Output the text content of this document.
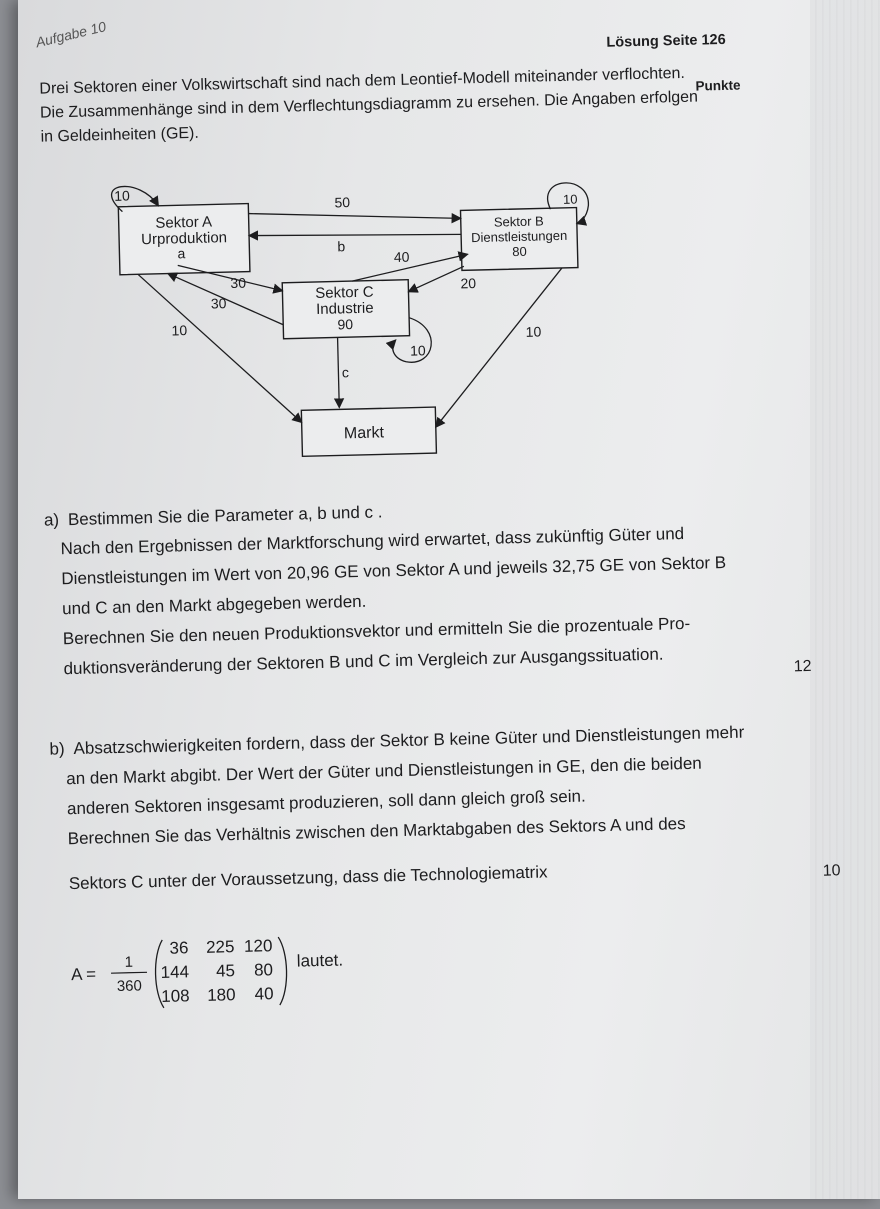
Aufgabe 10	Lösung Seite 126
Punkte
Drei Sektoren einer Volkswirtschaft sind nach dem Leontief-Modell miteinander verflochten.
Die Zusammenhänge sind in dem Verflechtungsdiagramm zu ersehen. Die Angaben erfolgen
in Geldeinheiten (GE).
Sektor A
Urproduktion
a
Sektor B
Dienstleistungen
80
Sektor C
Industrie
90
Markt
10	10
10
50
b
40
20
30
30
10	10
c
a) Bestimmen Sie die Parameter a, b und c .
Nach den Ergebnissen der Marktforschung wird erwartet, dass zukünftig Güter und
Dienstleistungen im Wert von 20,96 GE von Sektor A und jeweils 32,75 GE von Sektor B
und C an den Markt abgegeben werden.
Berechnen Sie den neuen Produktionsvektor und ermitteln Sie die prozentuale Pro-
duktionsveränderung der Sektoren B und C im Vergleich zur Ausgangssituation.	12
b) Absatzschwierigkeiten fordern, dass der Sektor B keine Güter und Dienstleistungen mehr
an den Markt abgibt. Der Wert der Güter und Dienstleistungen in GE, den die beiden
anderen Sektoren insgesamt produzieren, soll dann gleich groß sein.
Berechnen Sie das Verhältnis zwischen den Marktabgaben des Sektors A und des
Sektors C unter der Voraussetzung, dass die Technologiematrix	10
A =
1
360
36 225 120
144 45 80
108 180 40
lautet.
